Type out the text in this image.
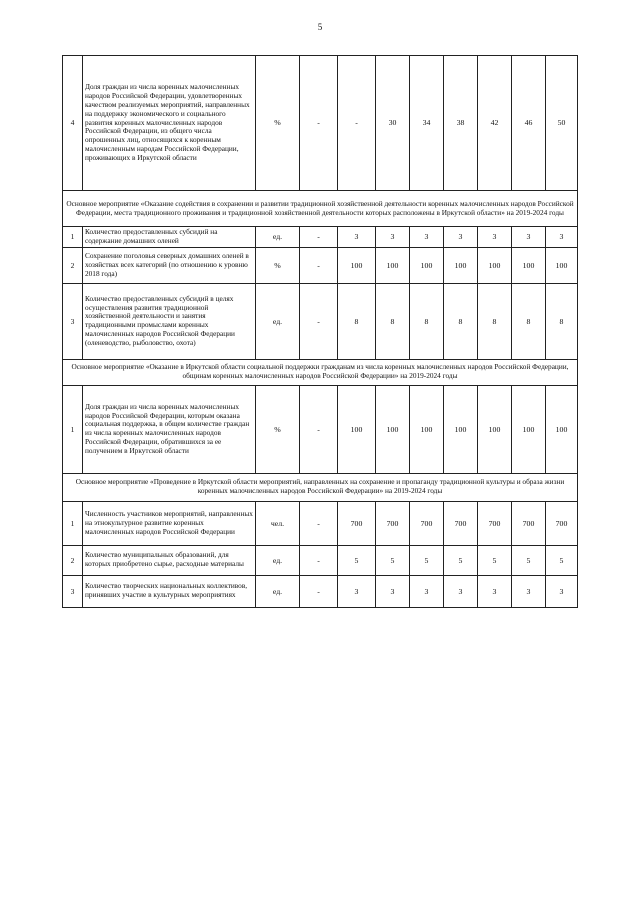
5
4	Доля граждан из числа коренных малочисленных народов Российской Федерации, удовлетворенных качеством реализуемых мероприятий, направленных на поддержку экономического и социального развития коренных малочисленных народов Российской Федерации, из общего числа опрошенных лиц, относящихся к коренным малочисленным народам Российской Федерации, проживающих в Иркутской области	%	-	-	30	34	38	42	46	50
Основное мероприятие «Оказание содействия в сохранении и развитии традиционной хозяйственной деятельности коренных малочисленных народов Российской Федерации, места традиционного проживания и традиционной хозяйственной деятельности которых расположены в Иркутской области» на 2019-2024 годы										
1	Количество предоставленных субсидий на содержание домашних оленей	ед.	-	3	3	3	3	3	3	3
2	Сохранение поголовья северных домашних оленей в хозяйствах всех категорий (по отношению к уровню 2018 года)	%	-	100	100	100	100	100	100	100
3	Количество предоставленных субсидий в целях осуществления развития традиционной хозяйственной деятельности и занятия традиционными промыслами коренных малочисленных народов Российской Федерации (оленеводство, рыболовство, охота)	ед.	-	8	8	8	8	8	8	8
Основное мероприятие «Оказание в Иркутской области социальной поддержки гражданам из числа коренных малочисленных народов Российской Федерации, общинам коренных малочисленных народов Российской Федерации» на 2019-2024 годы										
1	Доля граждан из числа коренных малочисленных народов Российской Федерации, которым оказана социальная поддержка, в общем количестве граждан из числа коренных малочисленных народов Российской Федерации, обратившихся за ее получением в Иркутской области	%	-	100	100	100	100	100	100	100
Основное мероприятие «Проведение в Иркутской области мероприятий, направленных на сохранение и пропаганду традиционной культуры и образа жизни коренных малочисленных народов Российской Федерации» на 2019-2024 годы										
1	Численность участников мероприятий, направленных на этнокультурное развитие коренных малочисленных народов Российской Федерации	чел.	-	700	700	700	700	700	700	700
2	Количество муниципальных образований, для которых приобретено сырье, расходные материалы	ед.	-	5	5	5	5	5	5	5
3	Количество творческих национальных коллективов, принявших участие в культурных мероприятиях	ед.	-	3	3	3	3	3	3	3
